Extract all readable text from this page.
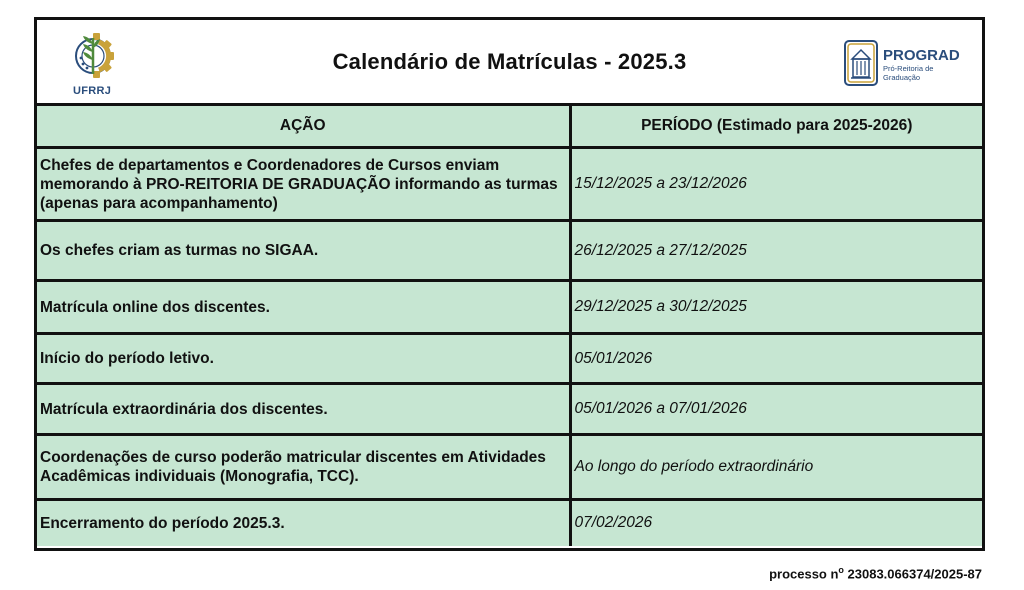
UFRRJ
Calendário de Matrículas - 2025.3	PROGRAD
Pró-Reitoria de
Graduação
AÇÃO	PERÍODO (Estimado para 2025-2026)
Chefes de departamentos e Coordenadores de Cursos enviam memorando à PRO-REITORIA DE GRADUAÇÃO informando as turmas (apenas para acompanhamento)	15/12/2025 a 23/12/2026
Os chefes criam as turmas no SIGAA.	26/12/2025 a 27/12/2025
Matrícula online dos discentes.	29/12/2025 a 30/12/2025
Início do período letivo.	05/01/2026
Matrícula extraordinária dos discentes.	05/01/2026 a 07/01/2026
Coordenações de curso poderão matricular discentes em Atividades Acadêmicas individuais (Monografia, TCC).	Ao longo do período extraordinário
Encerramento do período 2025.3.	07/02/2026
processo $n^o$ 23083.066374/2025-87
